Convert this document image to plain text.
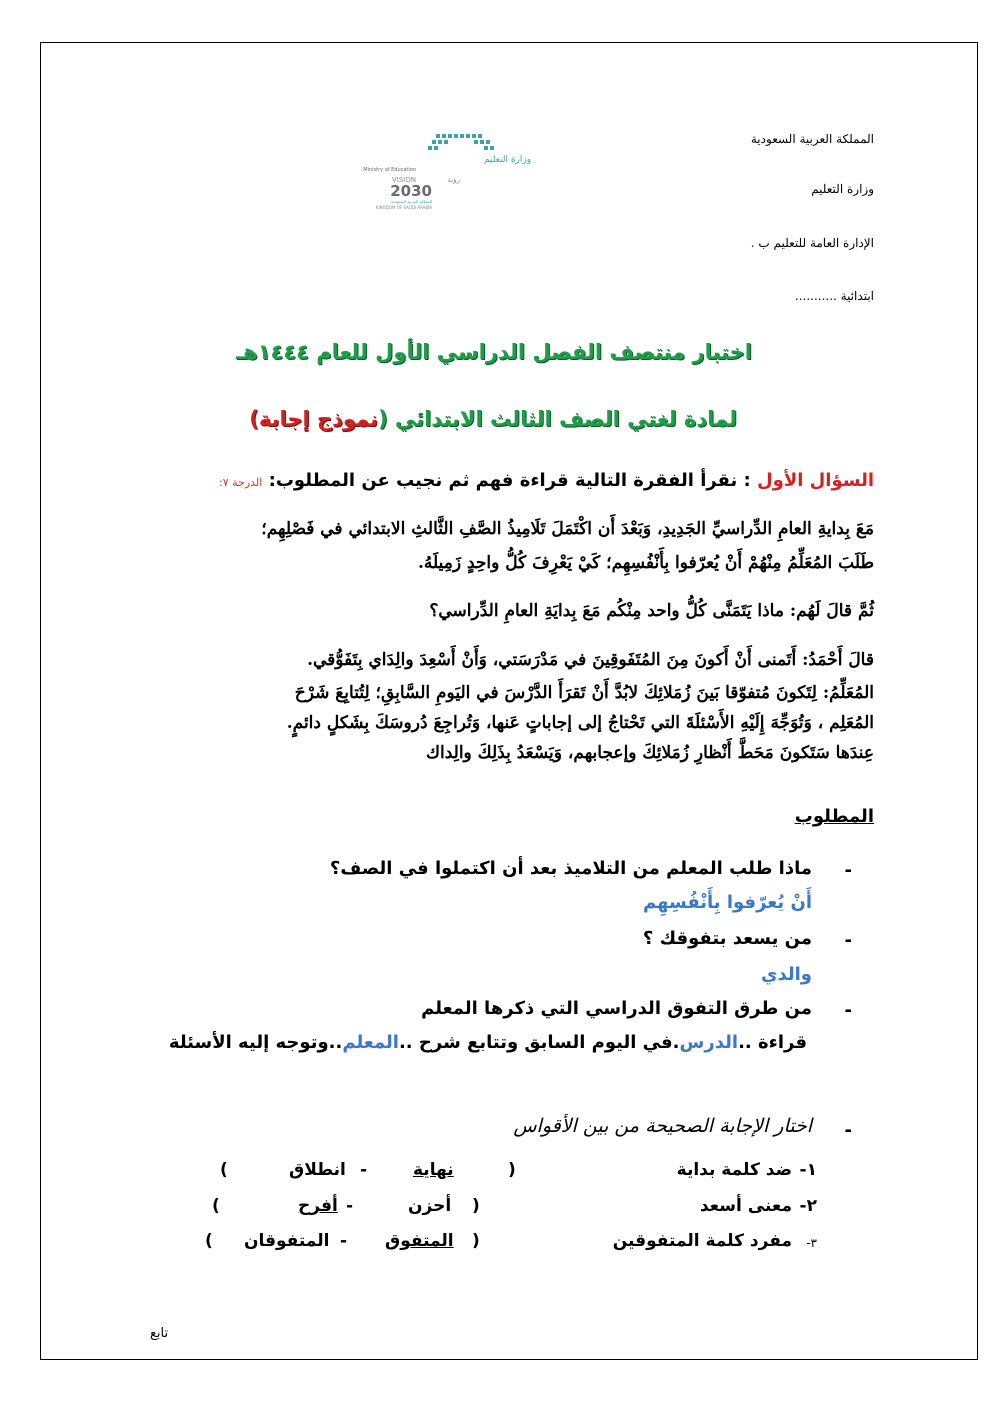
المملكة العربية السعودية
وزارة التعليم
الإدارة العامة للتعليم ب .
ابتدائية ...........
وزارة التعليم
Ministry of Education
VISION	رؤية
2030
المملكة العربية السعودية
KINGDOM OF SAUDI ARABIA
اختبار منتصف الفصل الدراسي الأول للعام ١٤٤٤هـ
لمادة لغتي الصف الثالث الابتدائي (نموذج إجابة)
السؤال الأول : نقرأ الفقرة التالية قراءة فهم ثم نجيب عن المطلوب: الدرجة ٧:
مَعَ بِدايةِ العامِ الدِّراسيِّ الجَدِيدِ، وَبَعْدَ أَن اكْتَمَلَ تَلَامِيذُ الصَّفِ الثَّالثِ الابتدائي في فَصْلِهِم؛
طَلَبَ المُعَلِّمُ مِنْهُمْ أَنْ يُعرّفوا بِأَنْفُسِهِم؛ كَيْ يَعْرِفَ كُلُّ واحِدٍ زَمِيلَهُ.
ثُمَّ قالَ لَهُم: ماذا يَتَمَنَّى كُلُّ واحد مِنْكُم مَعَ بِدايَةِ العامِ الدِّراسي؟
قالَ أَحْمَدُ: أَتَمنى أَنْ أَكونَ مِنَ المُتَفَوقِينَ في مَدْرَسَتي، وَأَنْ أَسْعِدَ والِدَاي بِتَفَوُّقي.
المُعَلِّمُ: لِتَكونَ مُتفوّقا بَينَ زُمَلائِكَ لابُدَّ أَنْ تَقرَأَ الدَّرْسَ في اليَومِ السَّابِقِ؛ لِتُتابِعَ شَرْحَ
المُعَلِم ، وَتُوَجِّهَ إِلَيْهِ الأَسْئلَةَ التي تَحْتاجُ إلى إجاباتٍ عَنها، وَتُراجِعَ دُروسَكَ بِشَكلٍ دائمٍ.
عِندَها سَتَكونَ مَحَطَّ أَنْظارِ زُمَلائِكَ وإعجابهم، وَيَسْعَدُ بِذَلِكَ والِداك
المطلوب
-
ماذا طلب المعلم من التلاميذ بعد أن اكتملوا في الصف؟
أَنْ يُعرّفوا بِأَنْفُسِهِم
-
من يسعد بتفوقك ؟
والدي
-
من طرق التفوق الدراسي التي ذكرها المعلم
قراءة ..الدرس.في اليوم السابق وتتابع شرح ..المعلم..وتوجه إليه الأسئلة
-
اختار الإجابة الصحيحة من بين الأقواس
١-
ضد كلمة بداية
(
نهاية
-
انطلاق
)
٢-
معنى أسعد
(
أحزن
-
أفرح
)
٣-
مفرد كلمة المتفوقين
(
المتفوق
-
المتفوقان
)
تابع
